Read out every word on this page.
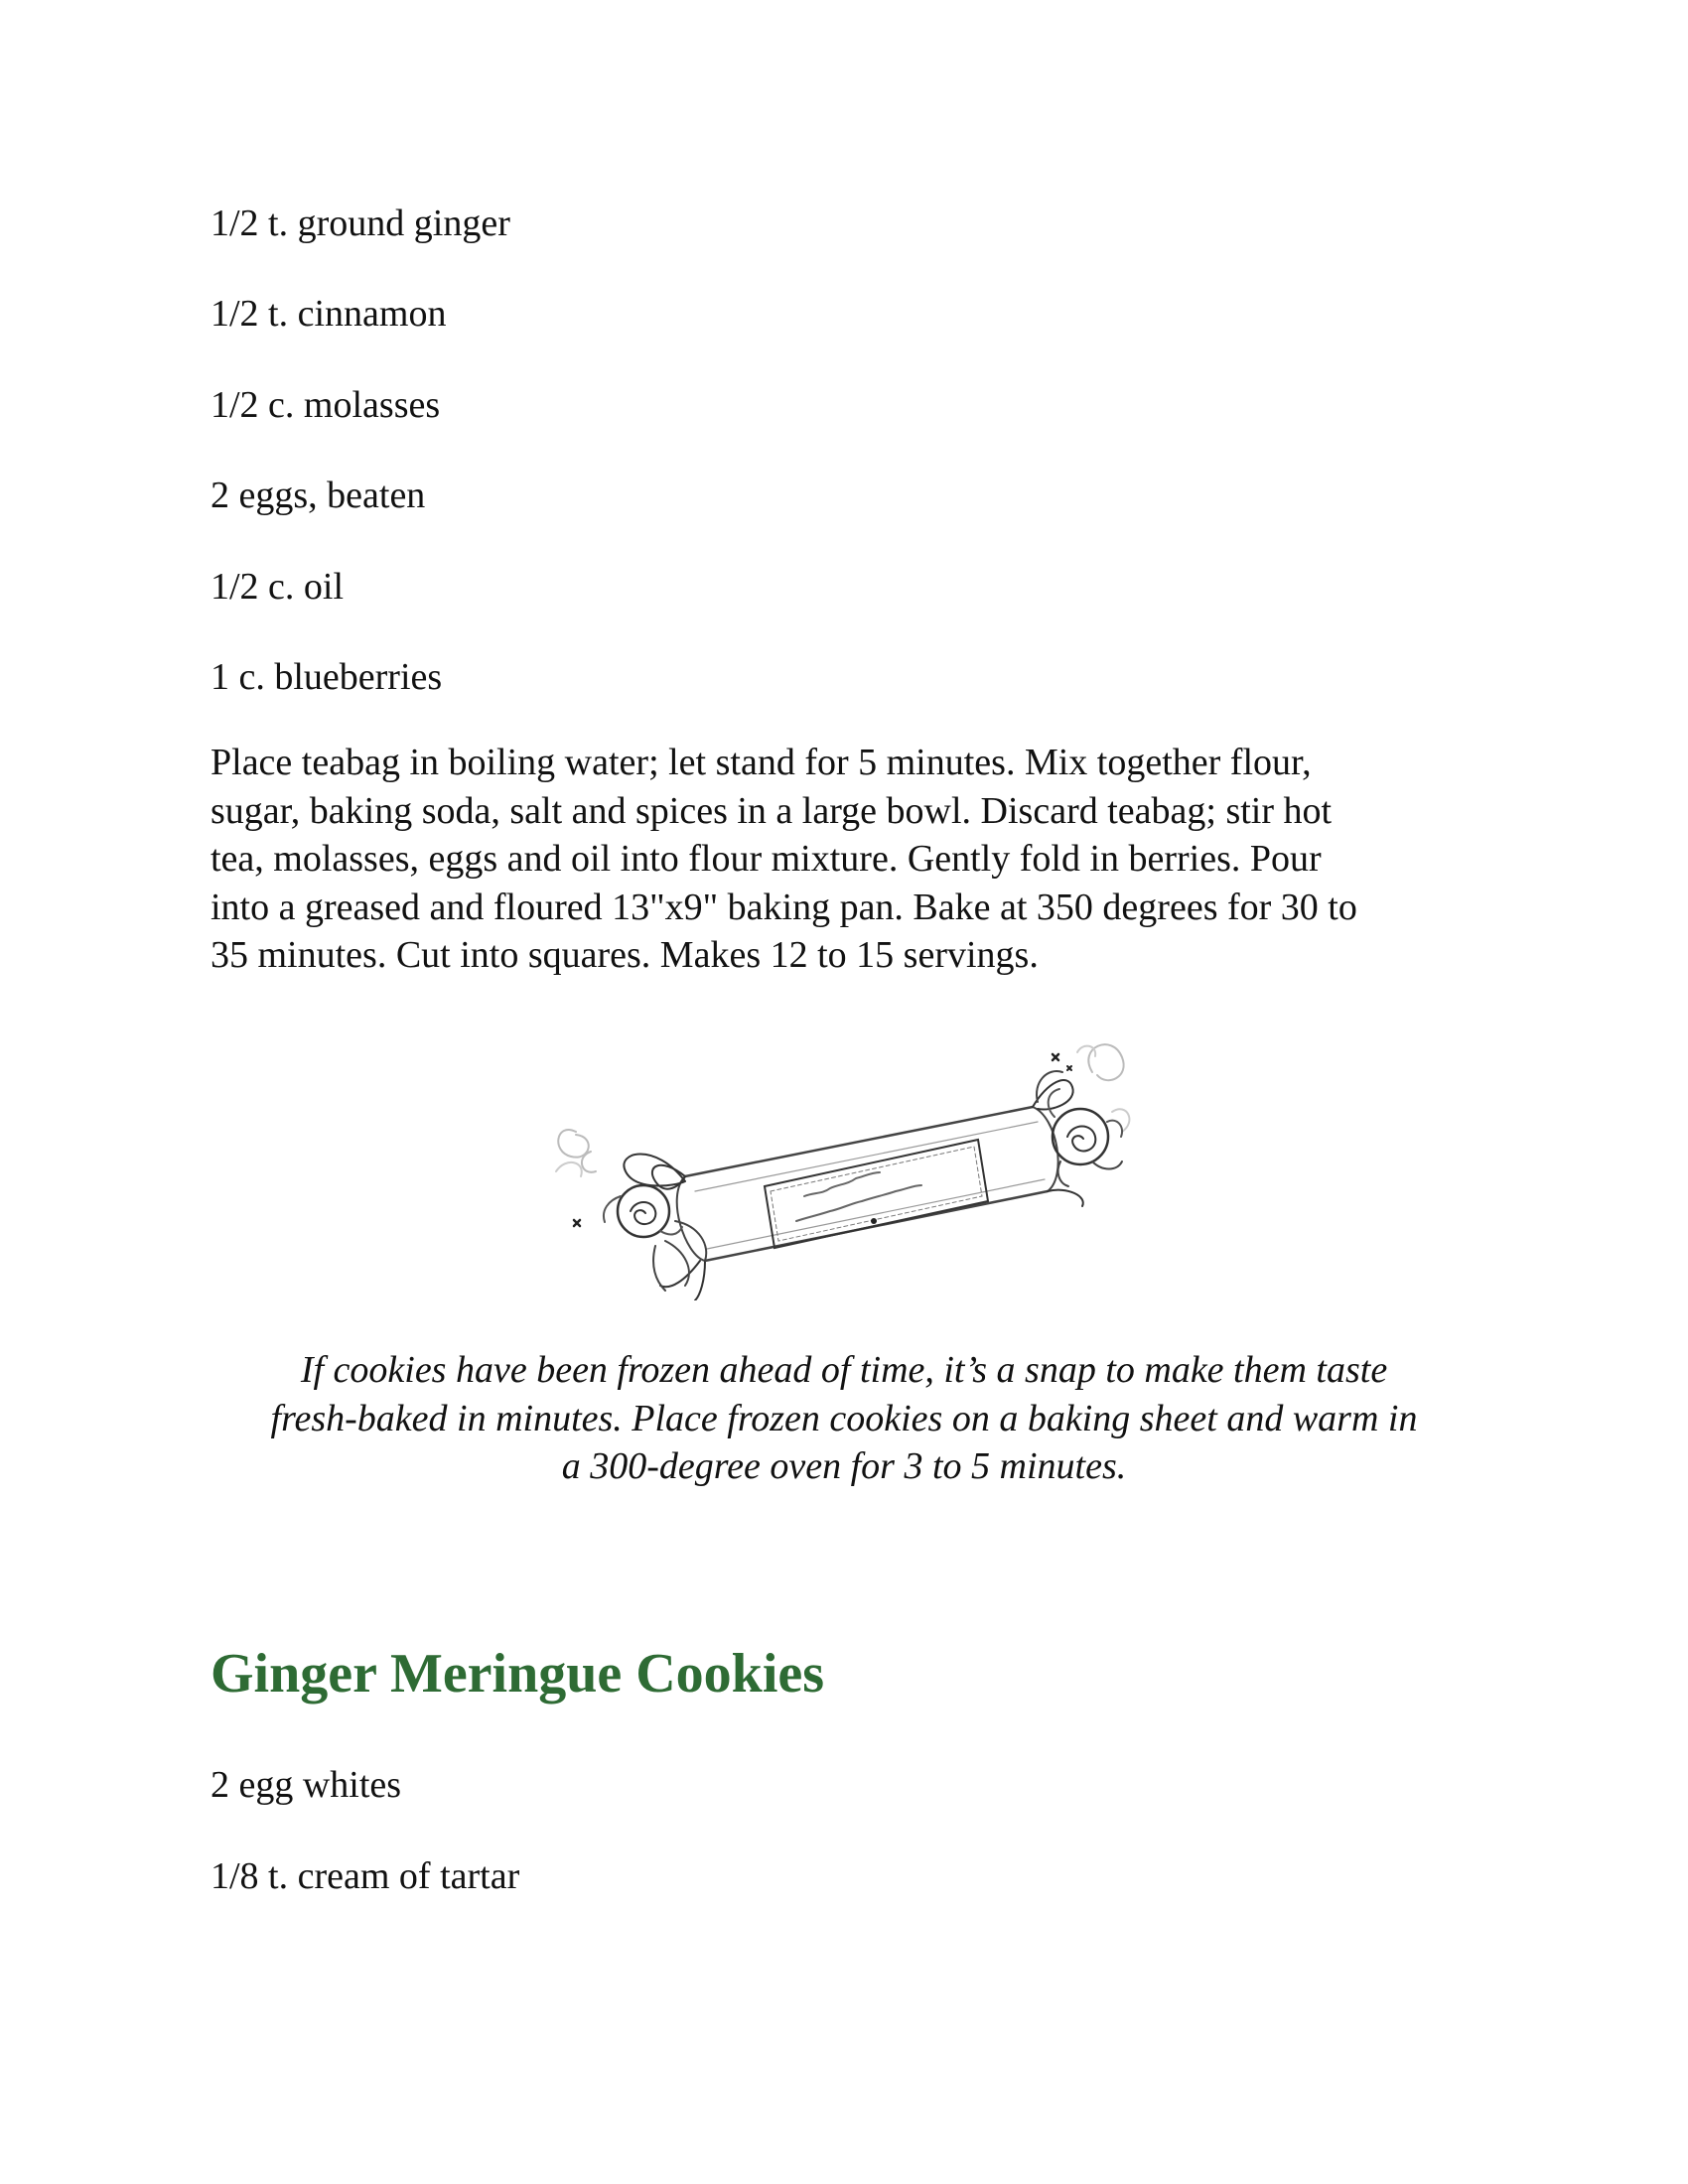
1/2 t. ground ginger
1/2 t. cinnamon
1/2 c. molasses
2 eggs, beaten
1/2 c. oil
1 c. blueberries

Place teabag in boiling water; let stand for 5 minutes. Mix together flour,

sugar, baking soda, salt and spices in a large bowl. Discard teabag; stir hot

tea, molasses, eggs and oil into flour mixture. Gently fold in berries. Pour

into a greased and floured 13"x9" baking pan. Bake at 350 degrees for 30 to

35 minutes. Cut into squares. Makes 12 to 15 servings.

If cookies have been frozen ahead of time, it’s a snap to make them taste

fresh-baked in minutes. Place frozen cookies on a baking sheet and warm in

a 300-degree oven for 3 to 5 minutes.

Ginger Meringue Cookies
2 egg whites
1/8 t. cream of tartar
